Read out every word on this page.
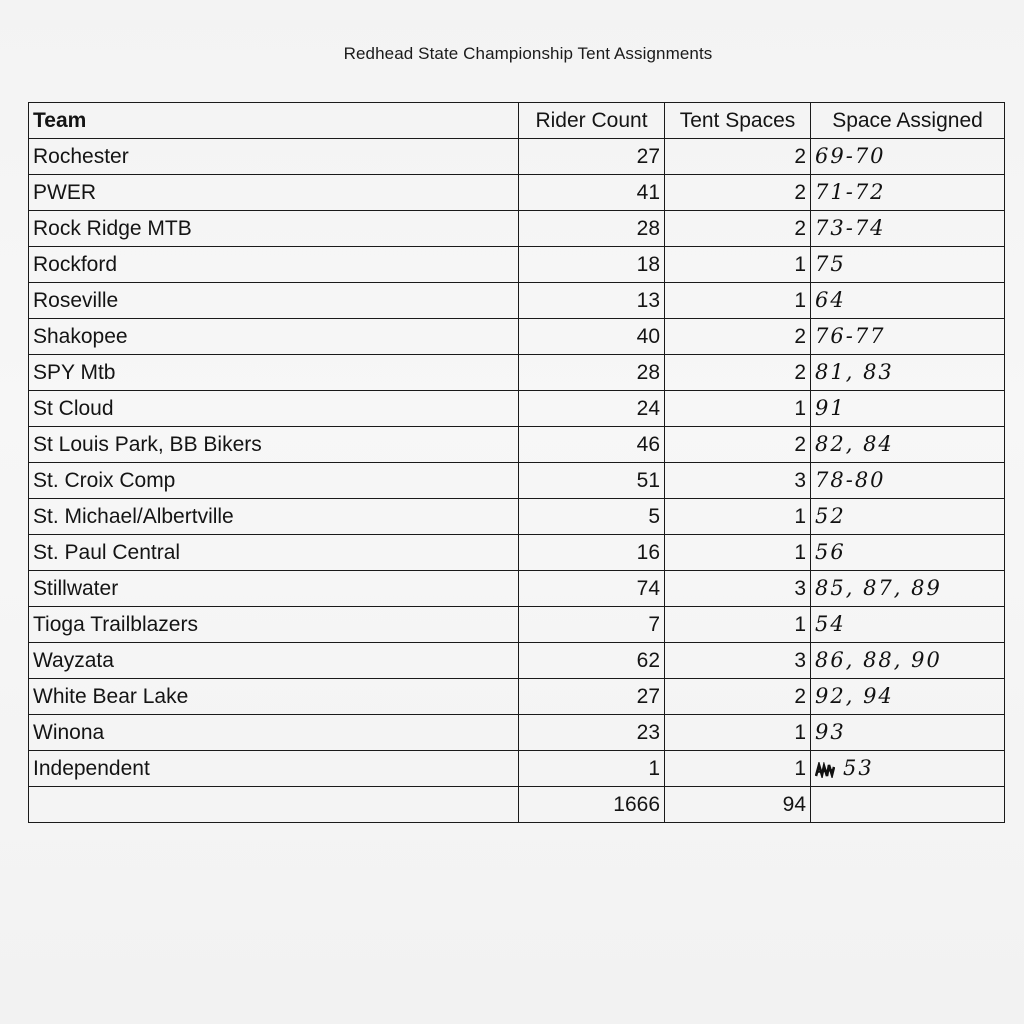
Redhead State Championship Tent Assignments
Team	Rider Count	Tent Spaces	Space Assigned
Rochester	27	2	69-70
PWER	41	2	71-72
Rock Ridge MTB	28	2	73-74
Rockford	18	1	75
Roseville	13	1	64
Shakopee	40	2	76-77
SPY Mtb	28	2	81, 83
St Cloud	24	1	91
St Louis Park, BB Bikers	46	2	82, 84
St. Croix Comp	51	3	78-80
St. Michael/Albertville	5	1	52
St. Paul Central	16	1	56
Stillwater	74	3	85, 87, 89
Tioga Trailblazers	7	1	54
Wayzata	62	3	86, 88, 90
White Bear Lake	27	2	92, 94
Winona	23	1	93
Independent	1	1	53
	1666	94	
